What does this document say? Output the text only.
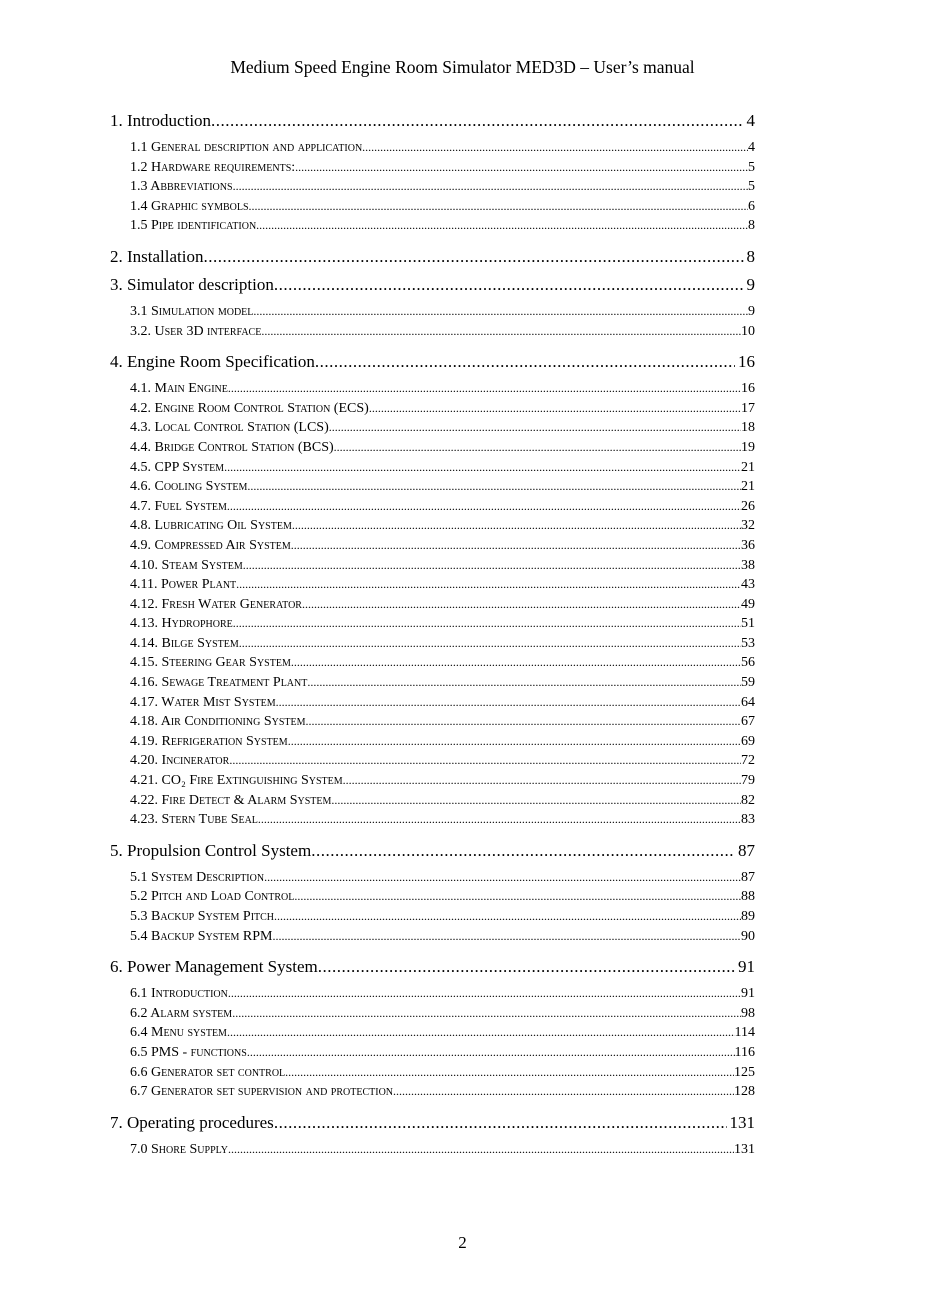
Medium Speed Engine Room Simulator MED3D – User’s manual
1. Introduction .....	4
1.1 General description and application .....	4
1.2 Hardware requirements: .....	5
1.3 Abbreviations .....	5
1.4 Graphic symbols .....	6
1.5 Pipe identification .....	8
2. Installation .....	8
3. Simulator description .....	9
3.1 Simulation model .....	9
3.2. User 3D interface .....	10
4. Engine Room Specification .....	16
4.1. Main Engine .....	16
4.2. Engine Room Control Station (ECS) .....	17
4.3. Local Control Station (LCS) .....	18
4.4. Bridge Control Station (BCS) .....	19
4.5. CPP System .....	21
4.6. Cooling System .....	21
4.7. Fuel System .....	26
4.8. Lubricating Oil System .....	32
4.9. Compressed Air System .....	36
4.10. Steam System .....	38
4.11. Power Plant .....	43
4.12. Fresh Water Generator .....	49
4.13. Hydrophore .....	51
4.14. Bilge System .....	53
4.15. Steering Gear System .....	56
4.16. Sewage Treatment Plant .....	59
4.17. Water Mist System .....	64
4.18. Air Conditioning System .....	67
4.19. Refrigeration System .....	69
4.20. Incinerator .....	72
4.21. CO₂ Fire Extinguishing System .....	79
4.22. Fire Detect & Alarm System .....	82
4.23. Stern Tube Seal .....	83
5. Propulsion Control System .....	87
5.1 System Description .....	87
5.2 Pitch and Load Control .....	88
5.3 Backup System Pitch .....	89
5.4 Backup System RPM .....	90
6. Power Management System .....	91
6.1 Introduction .....	91
6.2 Alarm system .....	98
6.4 Menu system .....	114
6.5 PMS - functions .....	116
6.6 Generator set control .....	125
6.7 Generator set supervision and protection .....	128
7. Operating procedures .....	131
7.0 Shore Supply .....	131
2
